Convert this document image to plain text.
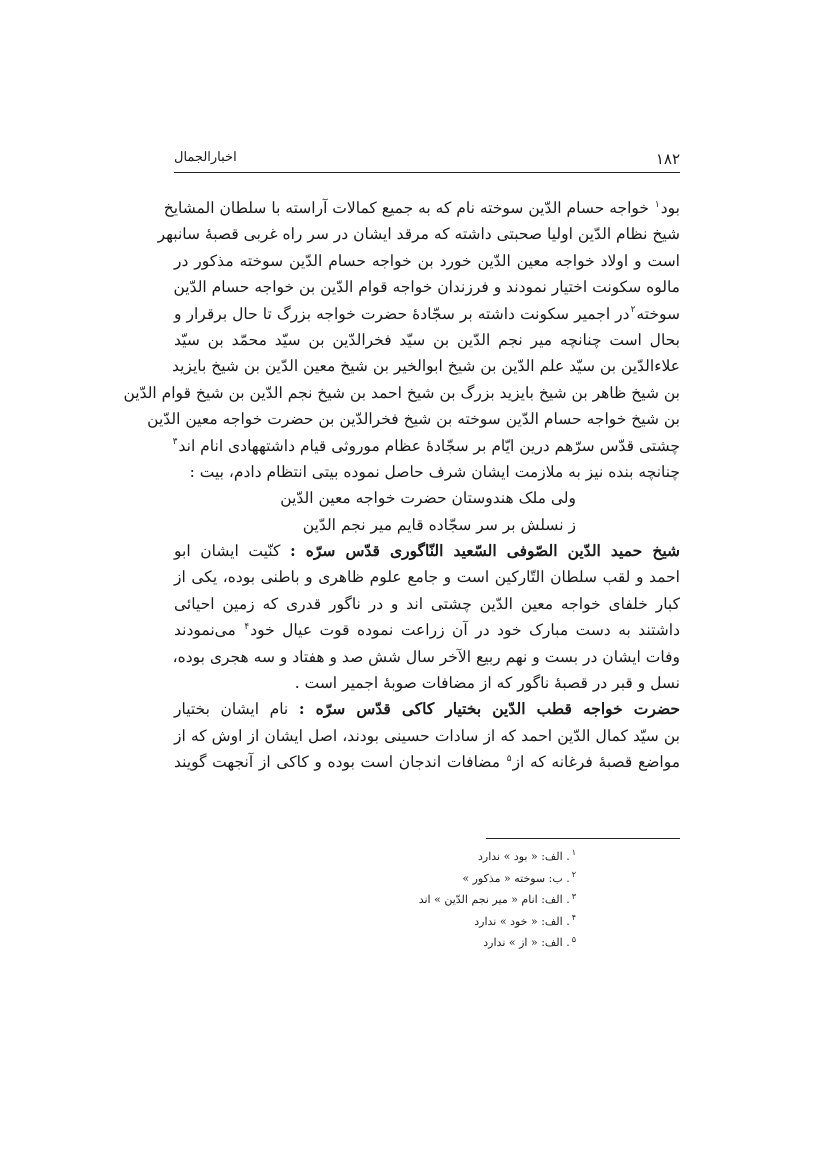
۱۸۲
اخبارالجمال
بود$^۱$ خواجه حسام الدّین سوخته نام که به جمیع کمالات آراسته با سلطان المشایخ
شیخ نظام الدّین اولیا صحبتی داشته که مرقد ایشان در سر راه غربی قصبهٔ سانبهر
است و اولاد خواجه معین الدّین خورد بن خواجه حسام الدّین سوخته مذکور در
مالوه سکونت اختیار نمودند و فرزندان خواجه قوام الدّین بن خواجه حسام الدّین
سوخته$^۲$در اجمیر سکونت داشته بر سجّادهٔ حضرت خواجه بزرگ تا حال برقرار و
بحال است چنانچه میر نجم الدّین بن سیّد فخرالدّین بن سیّد محمّد بن سیّد
علاءالدّین بن سیّد علم الدّین بن شیخ ابوالخیر بن شیخ معین الدّین بن شیخ بایزید
بن شیخ ظاهر بن شیخ بایزید بزرگ بن شیخ احمد بن شیخ نجم الدّین بن شیخ قوام الدّین
بن شیخ خواجه حسام الدّین سوخته بن شیخ فخرالدّین بن حضرت خواجه معین الدّین
چشتی قدّس سرّهم درین ایّام بر سجّادهٔ عظام موروثی قیام داشتههادی انام اند$^۳$
چنانچه بنده نیز به ملازمت ایشان شرف حاصل نموده بیتی انتظام دادم، بیت :
ولی ملک هندوستان حضرت خواجه معین الدّین
ز نسلش بر سر سجّاده قایم میر نجم الدّین
شیخ حمید الدّین الصّوفی السّعید النّاگوری قدّس سرّه : کنّیت ایشان ابو
احمد و لقب سلطان التّارکین است و جامع علوم ظاهری و باطنی بوده، یکی از
کبار خلفای خواجه معین الدّین چشتی اند و در ناگور قدری که زمین احیائی
داشتند به دست مبارک خود در آن زراعت نموده قوت عیال خود$^۴$ می‌نمودند
وفات ایشان در بست و نهم ربیع الآخر سال شش صد و هفتاد و سه هجری بوده،
نسل و قبر در قصبهٔ ناگور که از مضافات صوبهٔ اجمیر است .
حضرت خواجه قطب الدّین بختیار کاکی قدّس سرّه : نام ایشان بختیار
بن سیّد کمال الدّین احمد که از سادات حسینی بودند، اصل ایشان از اوش که از
مواضع قصبهٔ فرغانه که از$^۵$ مضافات اندجان است بوده و کاکی از آنجهت گویند
$^۱$. الف: « بود » ندارد
$^۲$. ب: سوخته « مذکور »
$^۳$. الف: انام « میر نجم الدّین » اند
$^۴$. الف: « خود » ندارد
$^۵$. الف: « از » ندارد
